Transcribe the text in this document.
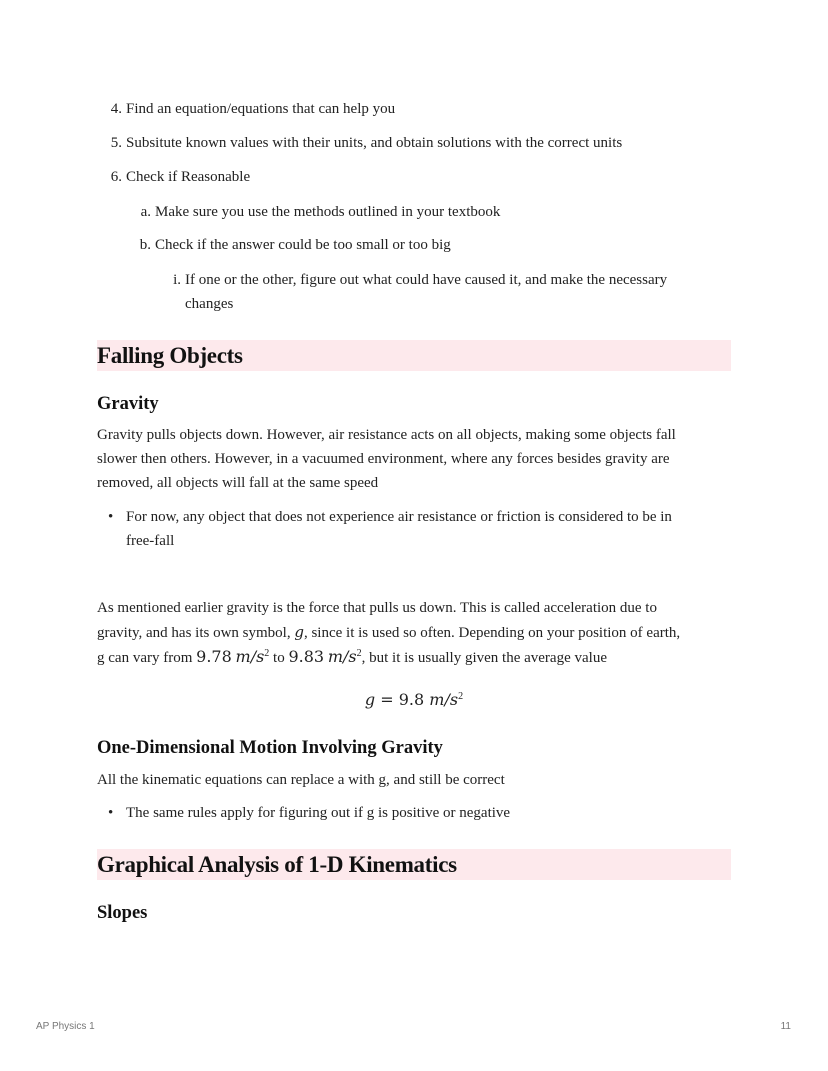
4. Find an equation/equations that can help you
5. Subsitute known values with their units, and obtain solutions with the correct units
6. Check if Reasonable
a. Make sure you use the methods outlined in your textbook
b. Check if the answer could be too small or too big
i. If one or the other, figure out what could have caused it, and make the necessary
changes
Falling Objects
Gravity
Gravity pulls objects down. However, air resistance acts on all objects, making some objects fall
slower then others. However, in a vacuumed environment, where any forces besides gravity are
removed, all objects will fall at the same speed
• For now, any object that does not experience air resistance or friction is considered to be in
free-fall
As mentioned earlier gravity is the force that pulls us down. This is called acceleration due to
gravity, and has its own symbol, g, since it is used so often. Depending on your position of earth,
g can vary from 9.78 $m/s^2$ to 9.83 $m/s^2$, but it is usually given the average value
g = 9.8 $m/s^2$
One-Dimensional Motion Involving Gravity
All the kinematic equations can replace a with g, and still be correct
• The same rules apply for figuring out if g is positive or negative
Graphical Analysis of 1-D Kinematics
Slopes
AP Physics 1	11
